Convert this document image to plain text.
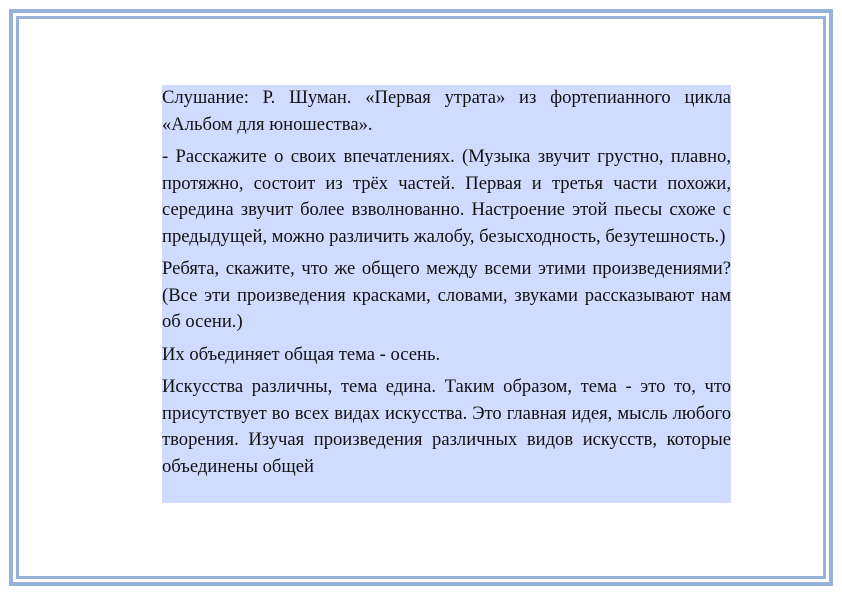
Слушание: Р. Шуман. «Первая утрата» из фортепианного цикла «Альбом для юношества».

- Расскажите о своих впечатлениях. (Музыка звучит грустно, плавно, протяжно, состоит из трёх частей. Первая и третья части похожи, середина звучит более взволнованно. Настроение этой пьесы схоже с предыдущей, можно различить жалобу, безысходность, безутешность.)

Ребята, скажите, что же общего между всеми этими произведениями? (Все эти произведения красками, словами, звуками рассказывают нам об осени.)

Их объединяет общая тема - осень.

Искусства различны, тема едина. Таким образом, тема - это то, что присутствует во всех видах искусства. Это главная идея, мысль любого творения. Изучая произведения различных видов искусств, которые объединены общей
